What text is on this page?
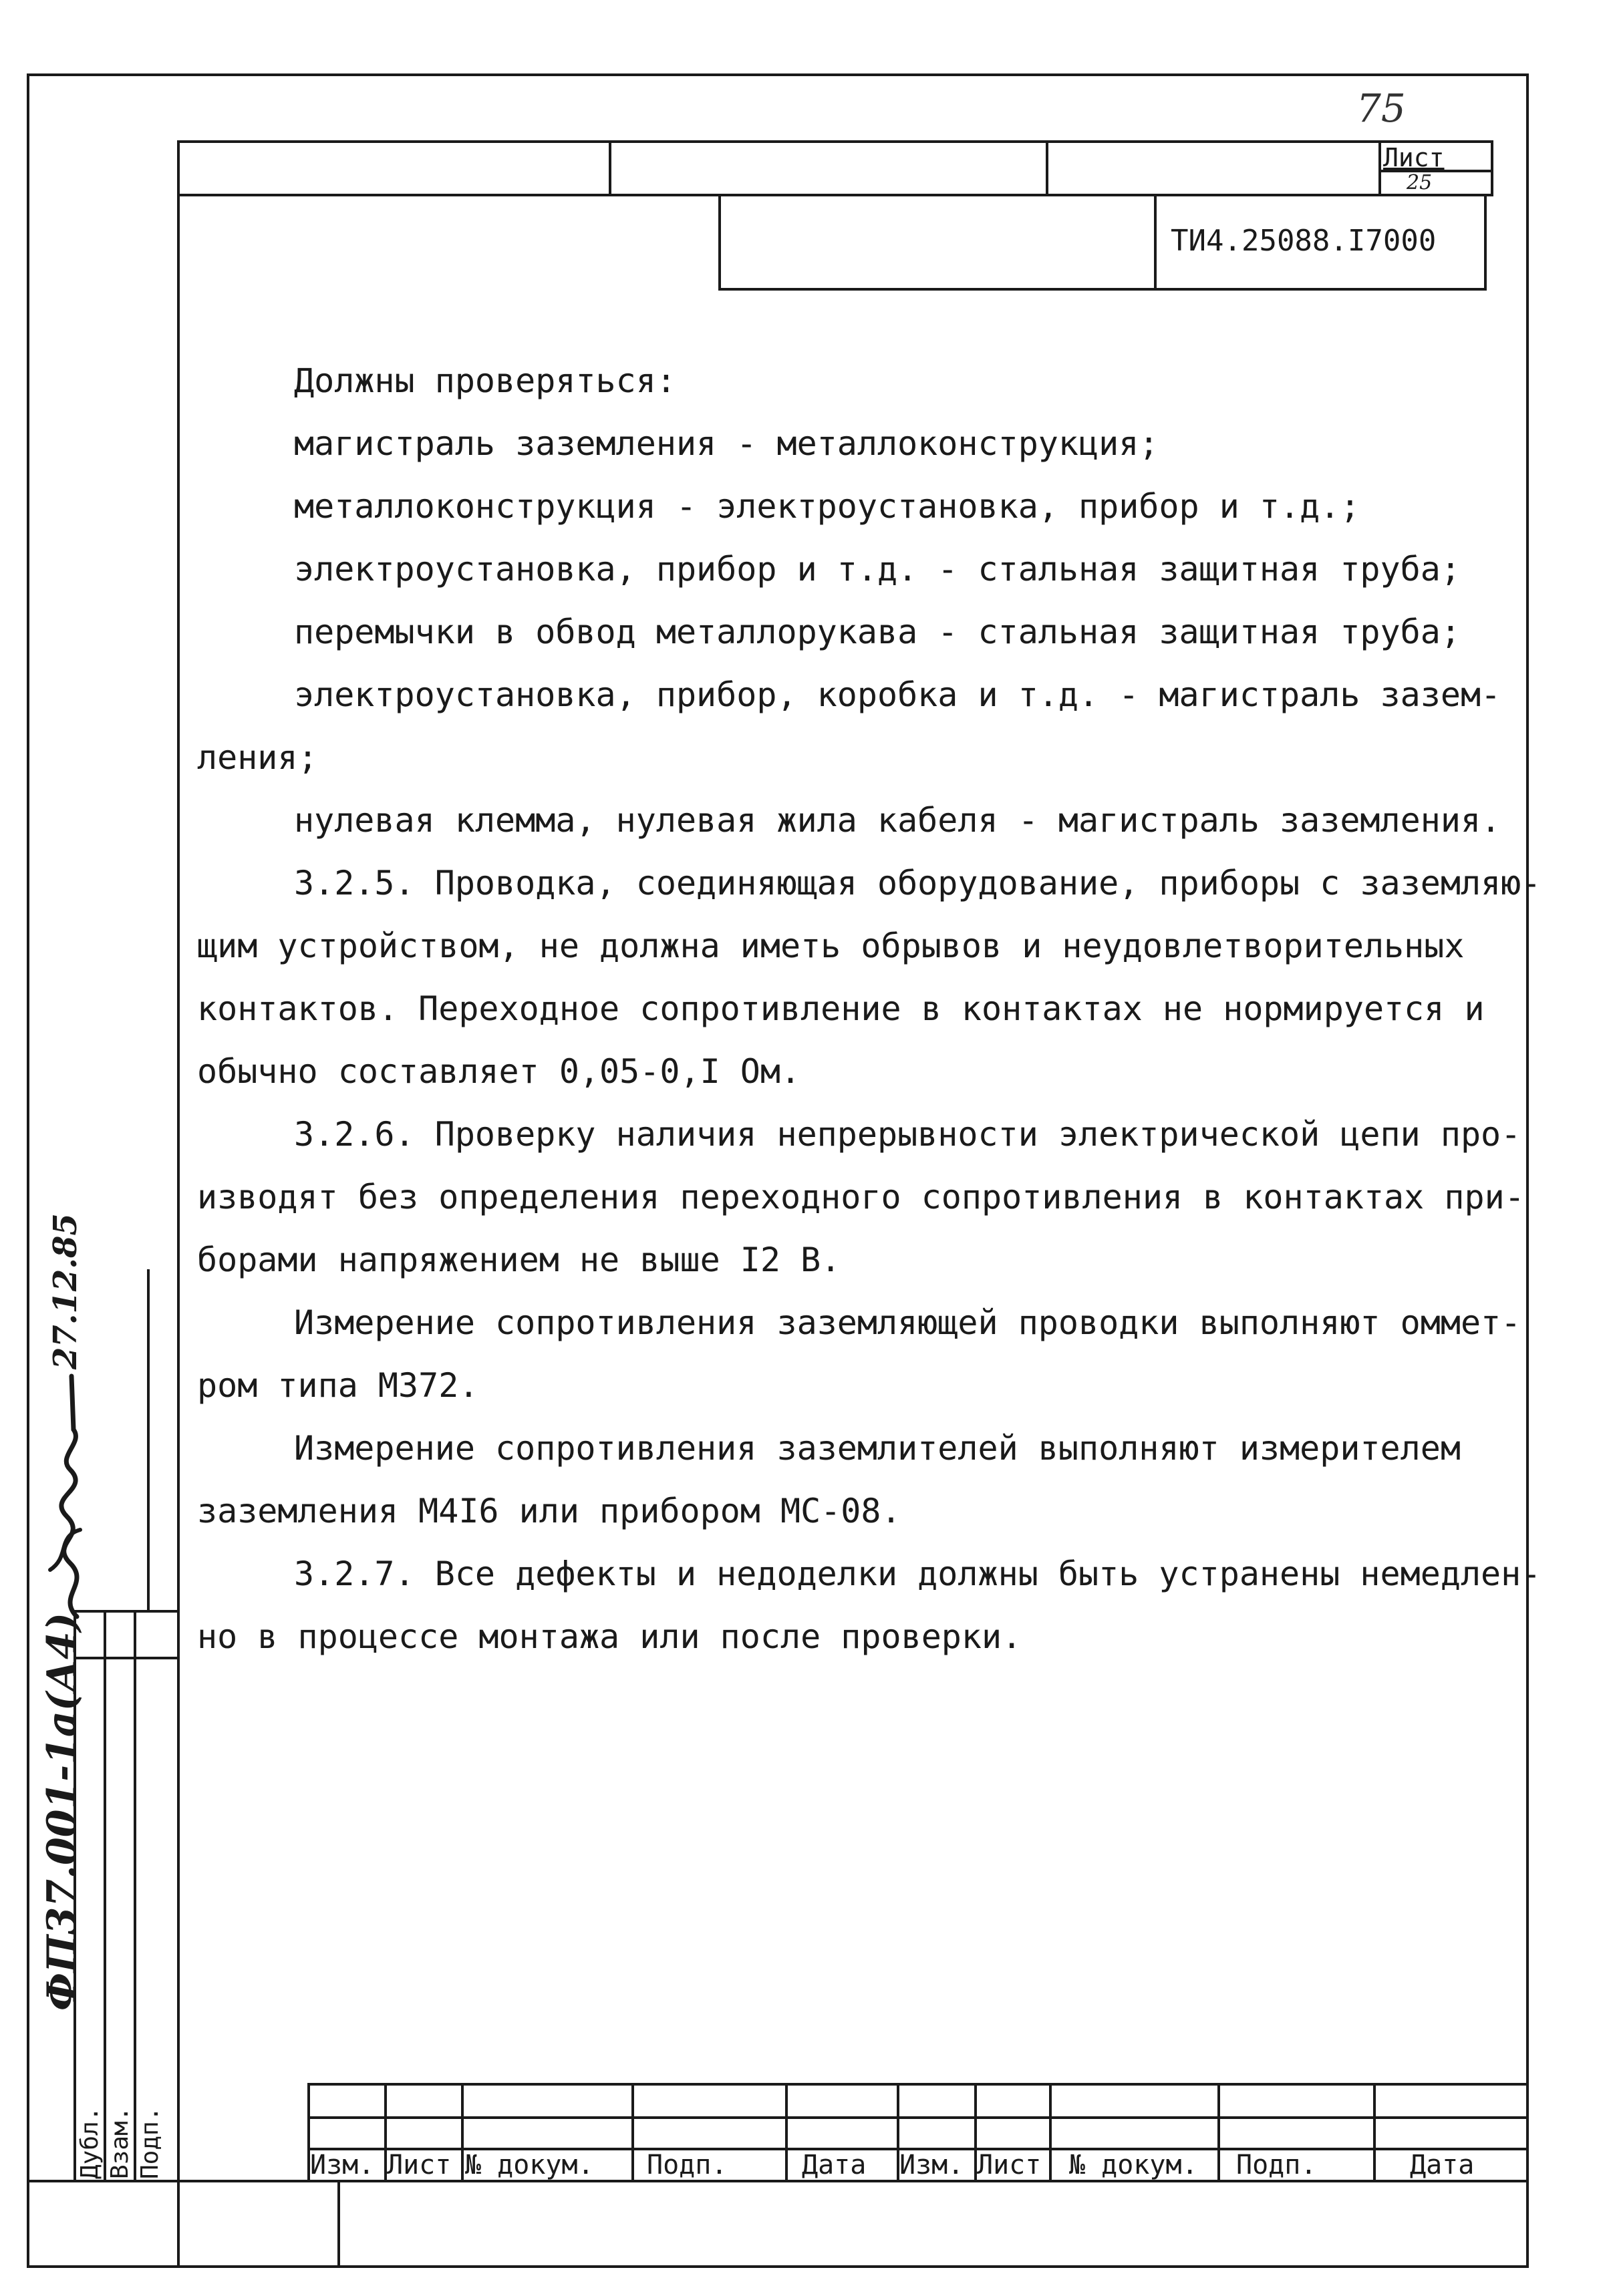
75
Лист
25
ТИ4.25088.I7000
Должны проверяться:
магистраль заземления - металлоконструкция;
металлоконструкция - электроустановка, прибор и т.д.;
электроустановка, прибор и т.д. - стальная защитная труба;
перемычки в обвод металлорукава - стальная защитная труба;
электроустановка, прибор, коробка и т.д. - магистраль зазем-
ления;
нулевая клемма, нулевая жила кабеля - магистраль заземления.
3.2.5. Проводка, соединяющая оборудование, приборы с заземляю-
щим устройством, не должна иметь обрывов и неудовлетворительных
контактов. Переходное сопротивление в контактах не нормируется и
обычно составляет 0,05-0,I Ом.
3.2.6. Проверку наличия непрерывности электрической цепи про-
изводят без определения переходного сопротивления в контактах при-
борами напряжением не выше I2 В.
Измерение сопротивления заземляющей проводки выполняют оммет-
ром типа М372.
Измерение сопротивления заземлителей выполняют измерителем
заземления М4I6 или прибором МС-08.
3.2.7. Все дефекты и недоделки должны быть устранены немедлен-
но в процессе монтажа или после проверки.
Изм. Лист № докум. Подп.	Дата Изм. Лист № докум. Подп.	Дата
ФП37.001-1а(А4)
27.12.85
Дубл. Взам. Подп.
